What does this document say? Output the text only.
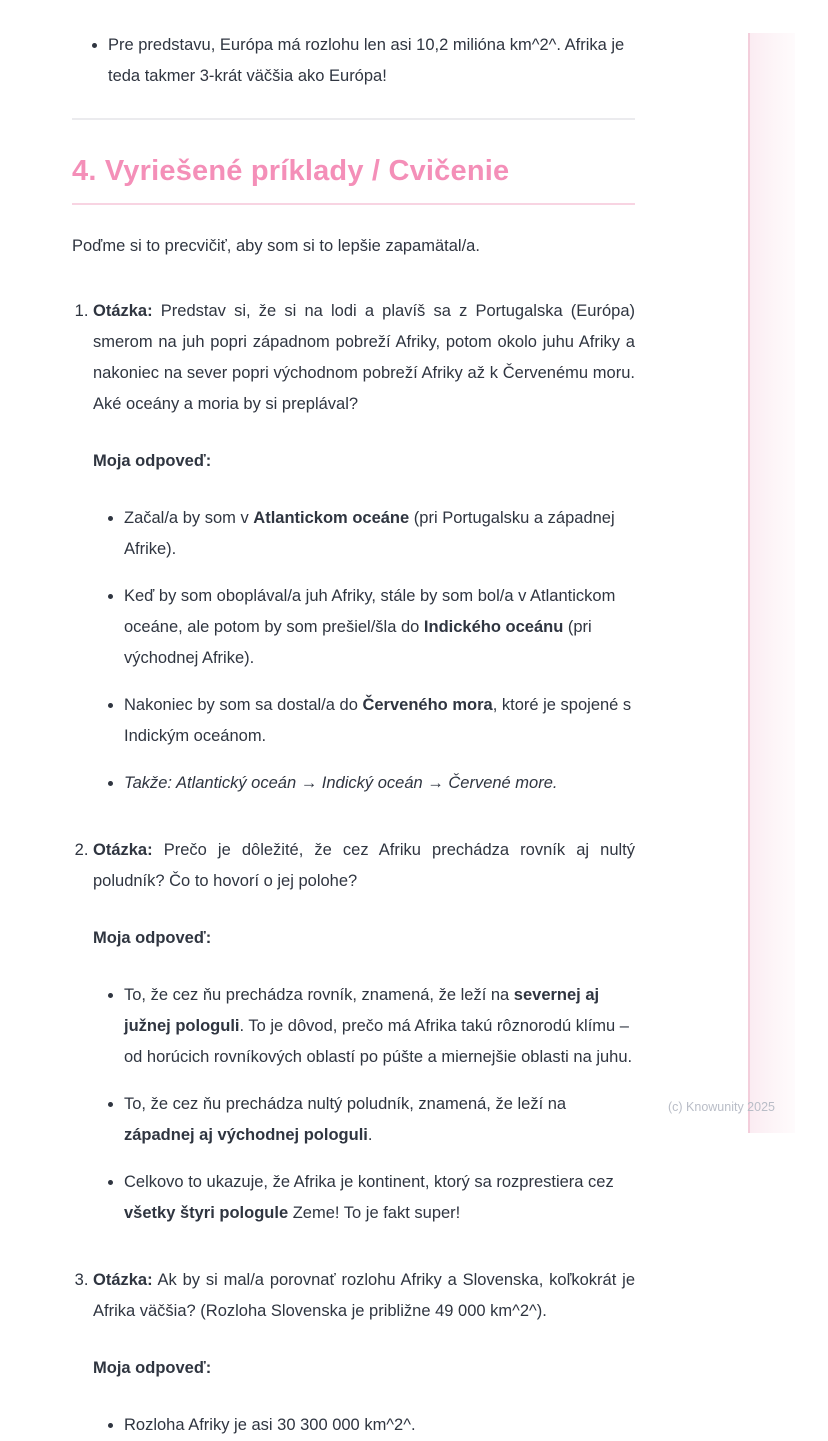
• Pre predstavu, Európa má rozlohu len asi 10,2 milióna km^2^. Afrika je teda takmer 3-krát väčšia ako Európa!
4. Vyriešené príklady / Cvičenie

Poďme si to precvičiť, aby som si to lepšie zapamätal/a.

1. Otázka: Predstav si, že si na lodi a plavíš sa z Portugalska (Európa) smerom na juh popri západnom pobreží Afriky, potom okolo juhu Afriky a nakoniec na sever popri východnom pobreží Afriky až k Červenému moru. Aké oceány a moria by si preplával?

Moja odpoveď:

• Začal/a by som v Atlantickom oceáne (pri Portugalsku a západnej Afrike).
• Keď by som oboplával/a juh Afriky, stále by som bol/a v Atlantickom oceáne, ale potom by som prešiel/šla do Indického oceánu (pri východnej Afrike).
• Nakoniec by som sa dostal/a do Červeného mora, ktoré je spojené s Indickým oceánom.
• Takže: Atlantický oceán → Indický oceán → Červené more.

2. Otázka: Prečo je dôležité, že cez Afriku prechádza rovník aj nultý poludník? Čo to hovorí o jej polohe?

Moja odpoveď:

• To, že cez ňu prechádza rovník, znamená, že leží na severnej aj južnej pologuli. To je dôvod, prečo má Afrika takú rôznorodú klímu – od horúcich rovníkových oblastí po púšte a miernejšie oblasti na juhu.
• To, že cez ňu prechádza nultý poludník, znamená, že leží na západnej aj východnej pologuli.
• Celkovo to ukazuje, že Afrika je kontinent, ktorý sa rozprestiera cez všetky štyri pologule Zeme! To je fakt super!

3. Otázka: Ak by si mal/a porovnať rozlohu Afriky a Slovenska, koľkokrát je Afrika väčšia? (Rozloha Slovenska je približne 49 000 km^2^).

Moja odpoveď:

• Rozloha Afriky je asi 30 300 000 km^2^.
(c) Knowunity 2025
